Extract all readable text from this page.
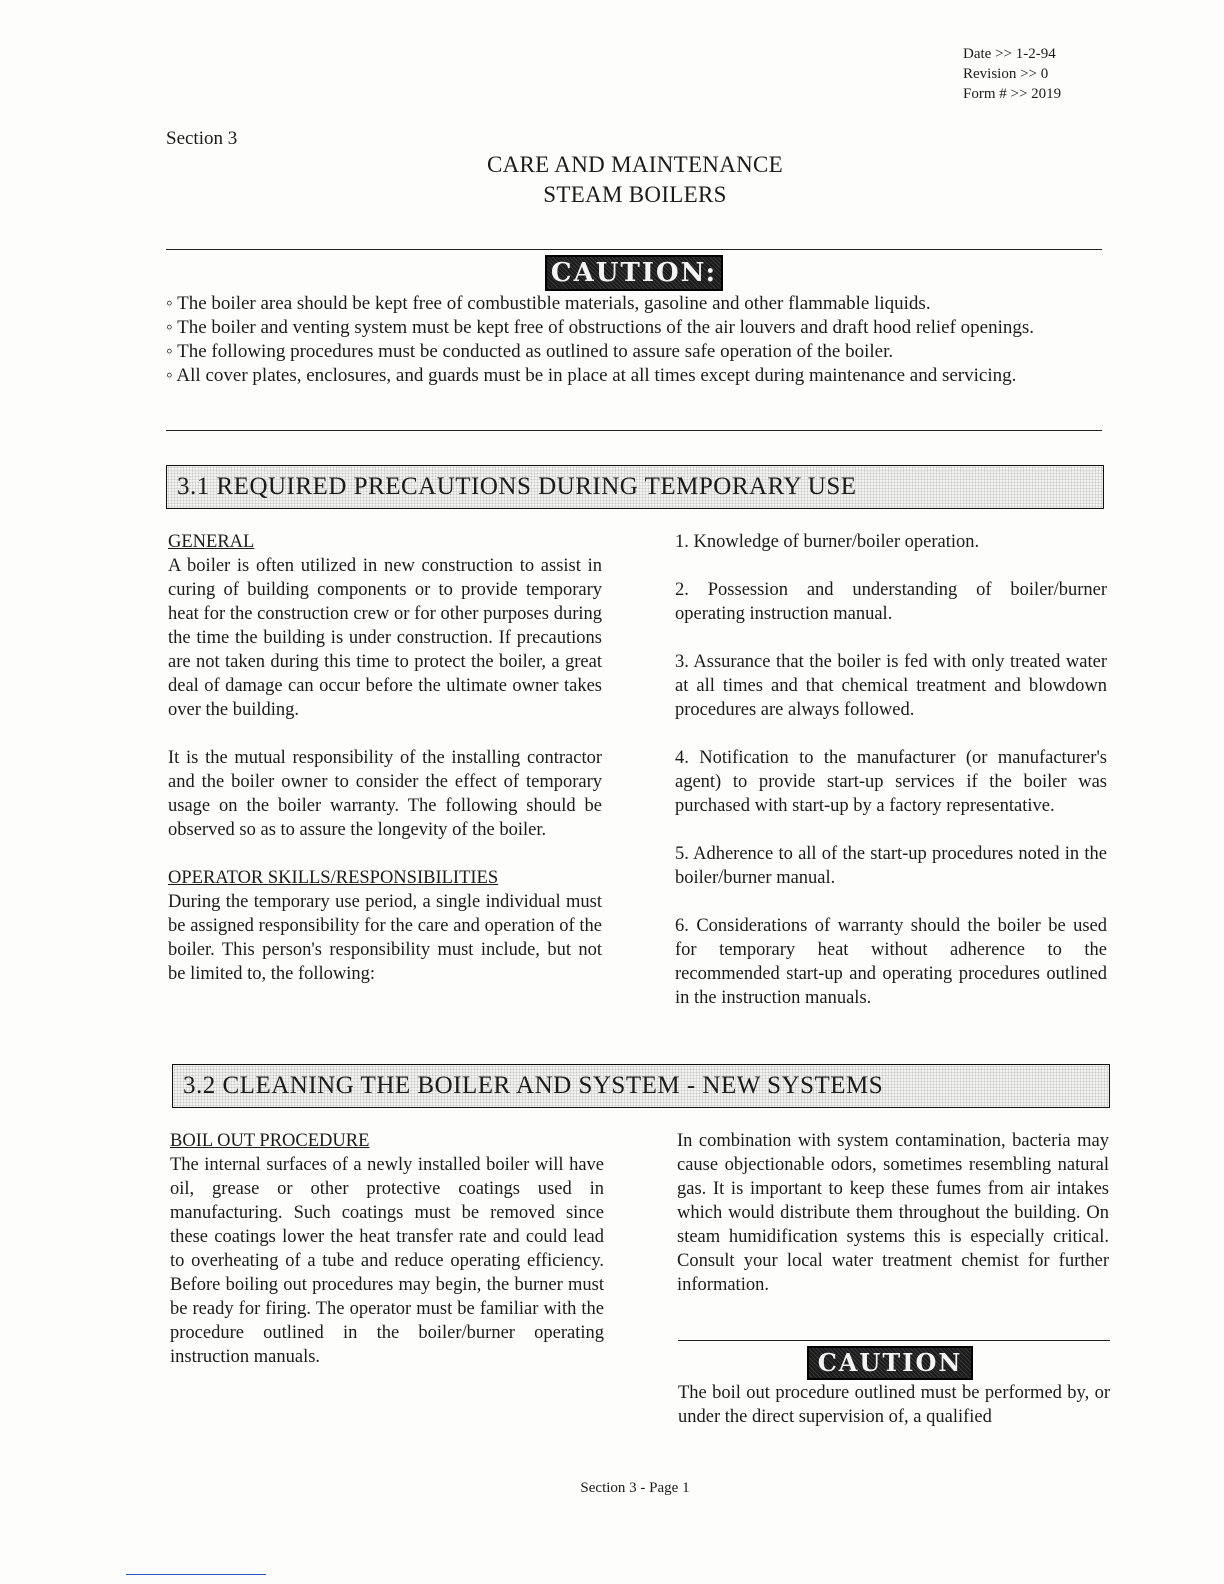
Date >> 1-2-94
Revision >> 0
Form # >> 2019
Section 3
CARE AND MAINTENANCE
STEAM BOILERS
CAUTION:

◦ The boiler area should be kept free of combustible materials, gasoline and other flammable liquids.

◦ The boiler and venting system must be kept free of obstructions of the air louvers and draft hood relief openings.

◦ The following procedures must be conducted as outlined to assure safe operation of the boiler.

◦ All cover plates, enclosures, and guards must be in place at all times except during maintenance and servicing.

3.1 REQUIRED PRECAUTIONS DURING TEMPORARY USE

GENERAL

A boiler is often utilized in new construction to assist in curing of building components or to provide temporary heat for the construction crew or for other purposes during the time the building is under construction. If precautions are not taken during this time to protect the boiler, a great deal of damage can occur before the ultimate owner takes over the building.

It is the mutual responsibility of the installing contractor and the boiler owner to consider the effect of temporary usage on the boiler warranty. The following should be observed so as to assure the longevity of the boiler.

OPERATOR SKILLS/RESPONSIBILITIES

During the temporary use period, a single individual must be assigned responsibility for the care and operation of the boiler. This person's responsibility must include, but not be limited to, the following:

1. Knowledge of burner/boiler operation.

2. Possession and understanding of boiler/burner operating instruction manual.

3. Assurance that the boiler is fed with only treated water at all times and that chemical treatment and blowdown procedures are always followed.

4. Notification to the manufacturer (or manufacturer's agent) to provide start-up services if the boiler was purchased with start-up by a factory representative.

5. Adherence to all of the start-up procedures noted in the boiler/burner manual.

6. Considerations of warranty should the boiler be used for temporary heat without adherence to the recommended start-up and operating procedures outlined in the instruction manuals.

3.2 CLEANING THE BOILER AND SYSTEM - NEW SYSTEMS

BOIL OUT PROCEDURE

The internal surfaces of a newly installed boiler will have oil, grease or other protective coatings used in manufacturing. Such coatings must be removed since these coatings lower the heat transfer rate and could lead to overheating of a tube and reduce operating efficiency. Before boiling out procedures may begin, the burner must be ready for firing. The operator must be familiar with the procedure outlined in the boiler/burner operating instruction manuals.

In combination with system contamination, bacteria may cause objectionable odors, sometimes resembling natural gas. It is important to keep these fumes from air intakes which would distribute them throughout the building. On steam humidification systems this is especially critical. Consult your local water treatment chemist for further information.

CAUTION

The boil out procedure outlined must be performed by, or under the direct supervision of, a qualified

Section 3 - Page 1
